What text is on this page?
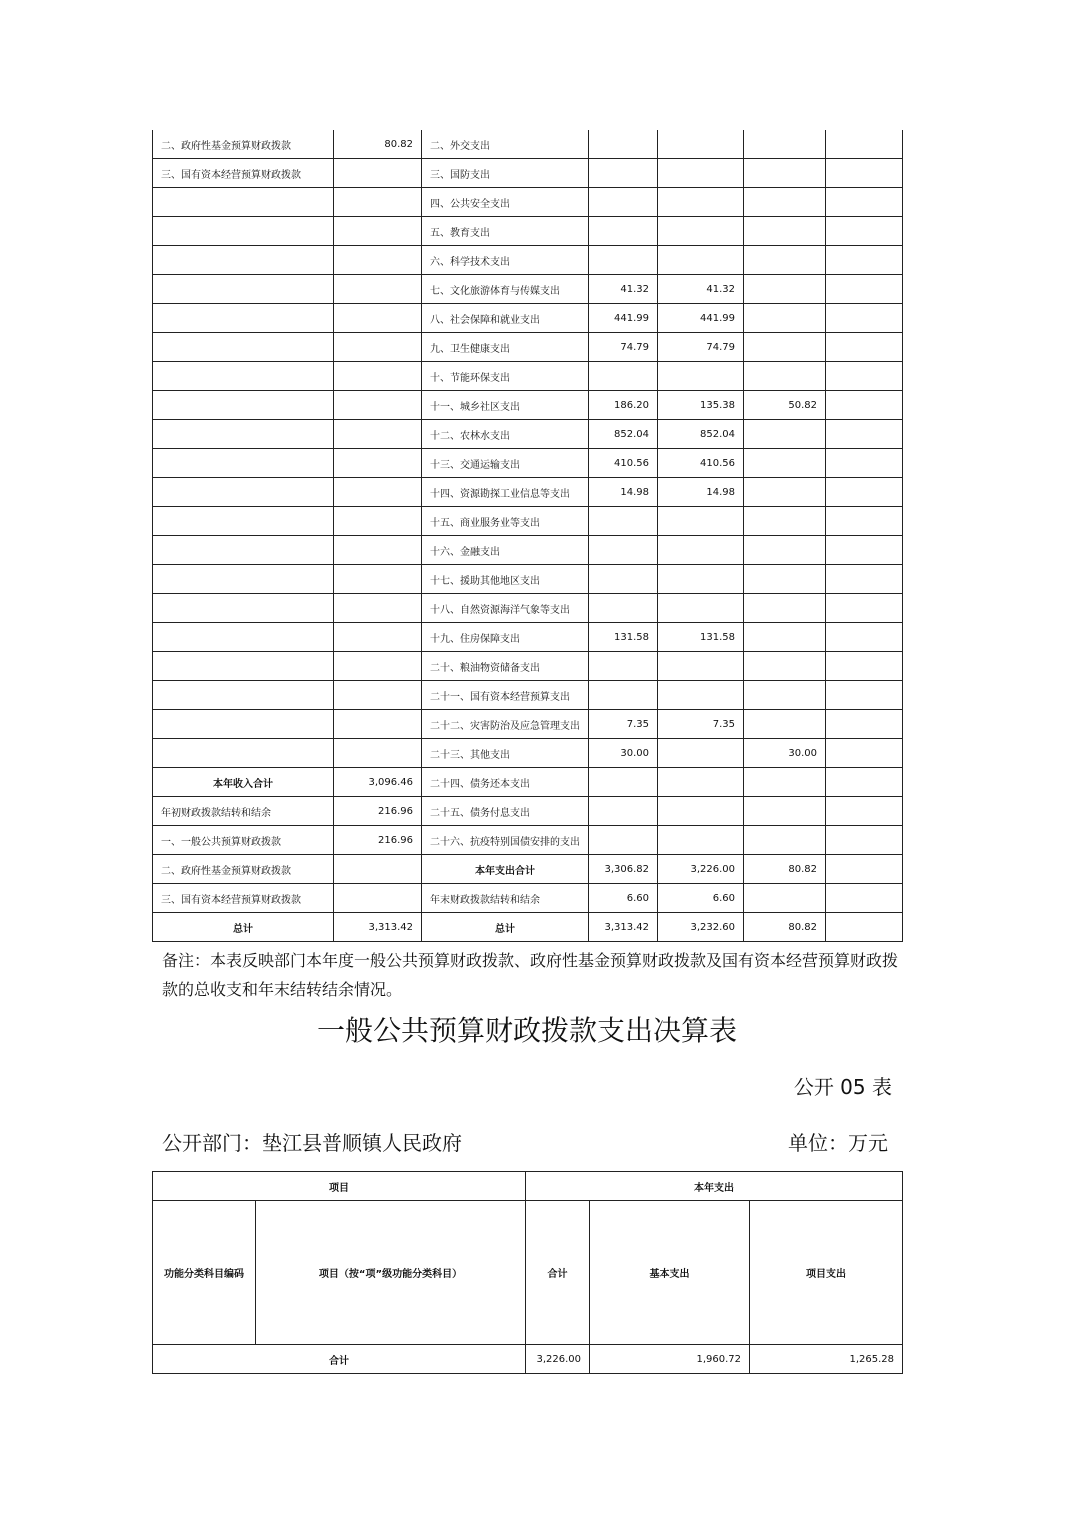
二、政府性基金预算财政拨款	80.82	二、外交支出				
三、国有资本经营预算财政拨款		三、国防支出				
		四、公共安全支出				
		五、教育支出				
		六、科学技术支出				
		七、文化旅游体育与传媒支出	41.32	41.32		
		八、社会保障和就业支出	441.99	441.99		
		九、卫生健康支出	74.79	74.79		
		十、节能环保支出				
		十一、城乡社区支出	186.20	135.38	50.82	
		十二、农林水支出	852.04	852.04		
		十三、交通运输支出	410.56	410.56		
		十四、资源勘探工业信息等支出	14.98	14.98		
		十五、商业服务业等支出				
		十六、金融支出				
		十七、援助其他地区支出				
		十八、自然资源海洋气象等支出				
		十九、住房保障支出	131.58	131.58		
		二十、粮油物资储备支出				
		二十一、国有资本经营预算支出				
		二十二、灾害防治及应急管理支出	7.35	7.35		
		二十三、其他支出	30.00		30.00	
本年收入合计	3,096.46	二十四、债务还本支出				
年初财政拨款结转和结余	216.96	二十五、债务付息支出				
一、一般公共预算财政拨款	216.96	二十六、抗疫特别国债安排的支出				
二、政府性基金预算财政拨款		本年支出合计	3,306.82	3,226.00	80.82	
三、国有资本经营预算财政拨款		年末财政拨款结转和结余	6.60	6.60		
总计	3,313.42	总计	3,313.42	3,232.60	80.82	
备注：本表反映部门本年度一般公共预算财政拨款、政府性基金预算财政拨款及国有资本经营预算财政拨款的总收支和年末结转结余情况。
一般公共预算财政拨款支出决算表
公开 05 表
公开部门：垫江县普顺镇人民政府	单位：万元
项目		本年支出		
功能分类科目编码	项目（按“项”级功能分类科目）	合计	基本支出	项目支出
合计		3,226.00	1,960.72	1,265.28
